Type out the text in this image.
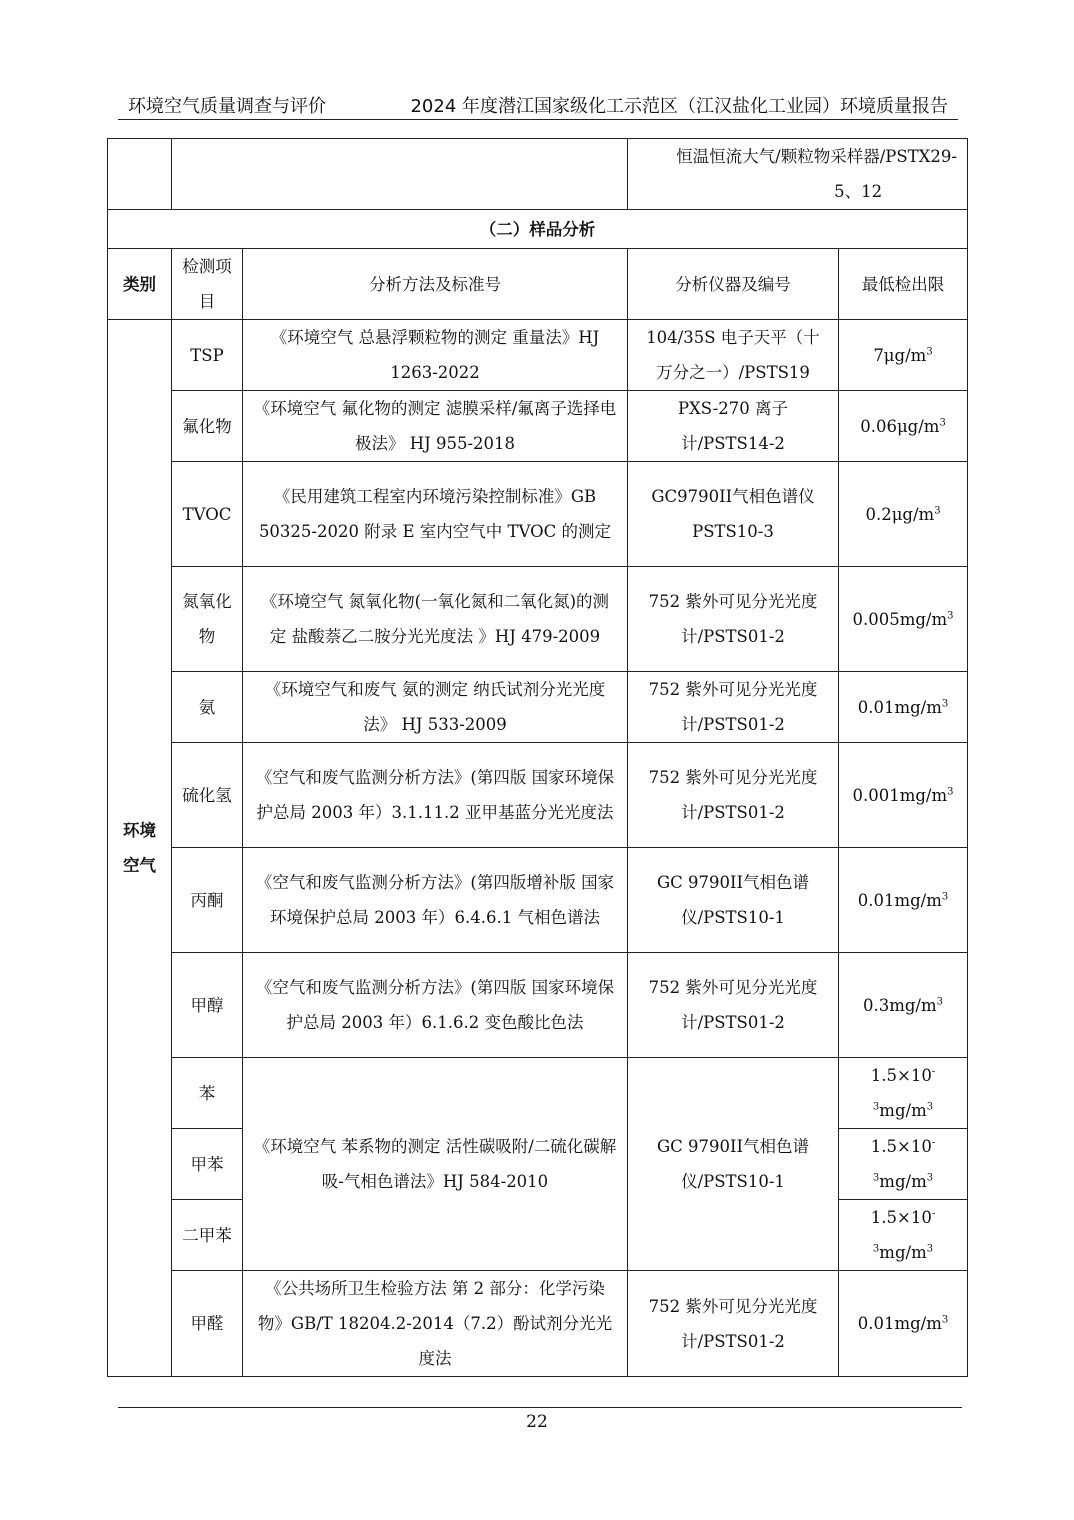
环境空气质量调查与评价	2024 年度潜江国家级化工示范区（江汉盐化工业园）环境质量报告
			恒温恒流大气/颗粒物采样器/PSTX29-
5、12	
（二）样品分析				
类别	检测项目	分析方法及标准号	分析仪器及编号	最低检出限
环境空气	TSP	《环境空气 总悬浮颗粒物的测定 重量法》HJ 1263-2022	104/35S 电子天平（十万分之一）/PSTS19	$7\mu g/m^3$
	氟化物	《环境空气 氟化物的测定 滤膜采样/氟离子选择电极法》 HJ 955-2018	PXS-270 离子计/PSTS14-2	$0.06\mu g/m^3$
	TVOC	《民用建筑工程室内环境污染控制标准》GB 50325-2020 附录 E 室内空气中 TVOC 的测定	GC9790II气相色谱仪 PSTS10-3	$0.2\mu g/m^3$
	氮氧化物	《环境空气 氮氧化物(一氧化氮和二氧化氮)的测定 盐酸萘乙二胺分光光度法 》HJ 479-2009	752 紫外可见分光光度计/PSTS01-2	$0.005mg/m^3$
	氨	《环境空气和废气 氨的测定 纳氏试剂分光光度法》 HJ 533-2009	752 紫外可见分光光度计/PSTS01-2	$0.01mg/m^3$
	硫化氢	《空气和废气监测分析方法》(第四版 国家环境保护总局 2003 年）3.1.11.2 亚甲基蓝分光光度法	752 紫外可见分光光度计/PSTS01-2	$0.001mg/m^3$
	丙酮	《空气和废气监测分析方法》(第四版增补版 国家环境保护总局 2003 年）6.4.6.1 气相色谱法	GC 9790II气相色谱仪/PSTS10-1	$0.01mg/m^3$
	甲醇	《空气和废气监测分析方法》(第四版 国家环境保护总局 2003 年）6.1.6.2 变色酸比色法	752 紫外可见分光光度计/PSTS01-2	$0.3mg/m^3$
	苯	《环境空气 苯系物的测定 活性碳吸附/二硫化碳解吸-气相色谱法》HJ 584-2010	GC 9790II气相色谱仪/PSTS10-1	1.5×10-
$^3mg/m^3$
	甲苯			1.5×10-
$^3mg/m^3$
	二甲苯			1.5×10-
$^3mg/m^3$
	甲醛	《公共场所卫生检验方法 第 2 部分：化学污染物》GB/T 18204.2-2014（7.2）酚试剂分光光度法	752 紫外可见分光光度计/PSTS01-2	$0.01mg/m^3$
22
